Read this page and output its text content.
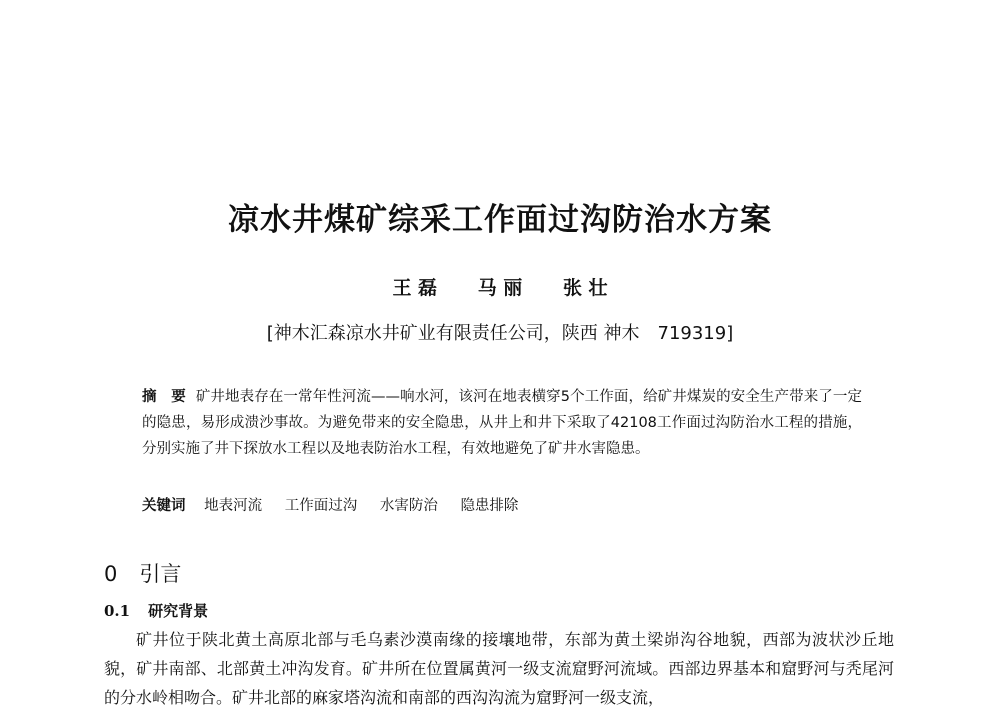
凉水井煤矿综采工作面过沟防治水方案
王 磊 马 丽 张 壮
[神木汇森凉水井矿业有限责任公司，陕西 神木　719319]
摘　要 矿井地表存在一常年性河流——响水河，该河在地表横穿5个工作面，给矿井煤炭的安全生产带来了一定的隐患，易形成溃沙事故。为避免带来的安全隐患，从井上和井下采取了42108工作面过沟防治水工程的措施，分别实施了井下探放水工程以及地表防治水工程，有效地避免了矿井水害隐患。
关键词 地表河流 工作面过沟 水害防治 隐患排除
0 引言
0.1 研究背景
矿井位于陕北黄土高原北部与毛乌素沙漠南缘的接壤地带，东部为黄土梁峁沟谷地貌，西部为波状沙丘地貌，矿井南部、北部黄土冲沟发育。矿井所在位置属黄河一级支流窟野河流域。西部边界基本和窟野河与秃尾河的分水岭相吻合。矿井北部的麻家塔沟流和南部的西沟沟流为窟野河一级支流，
